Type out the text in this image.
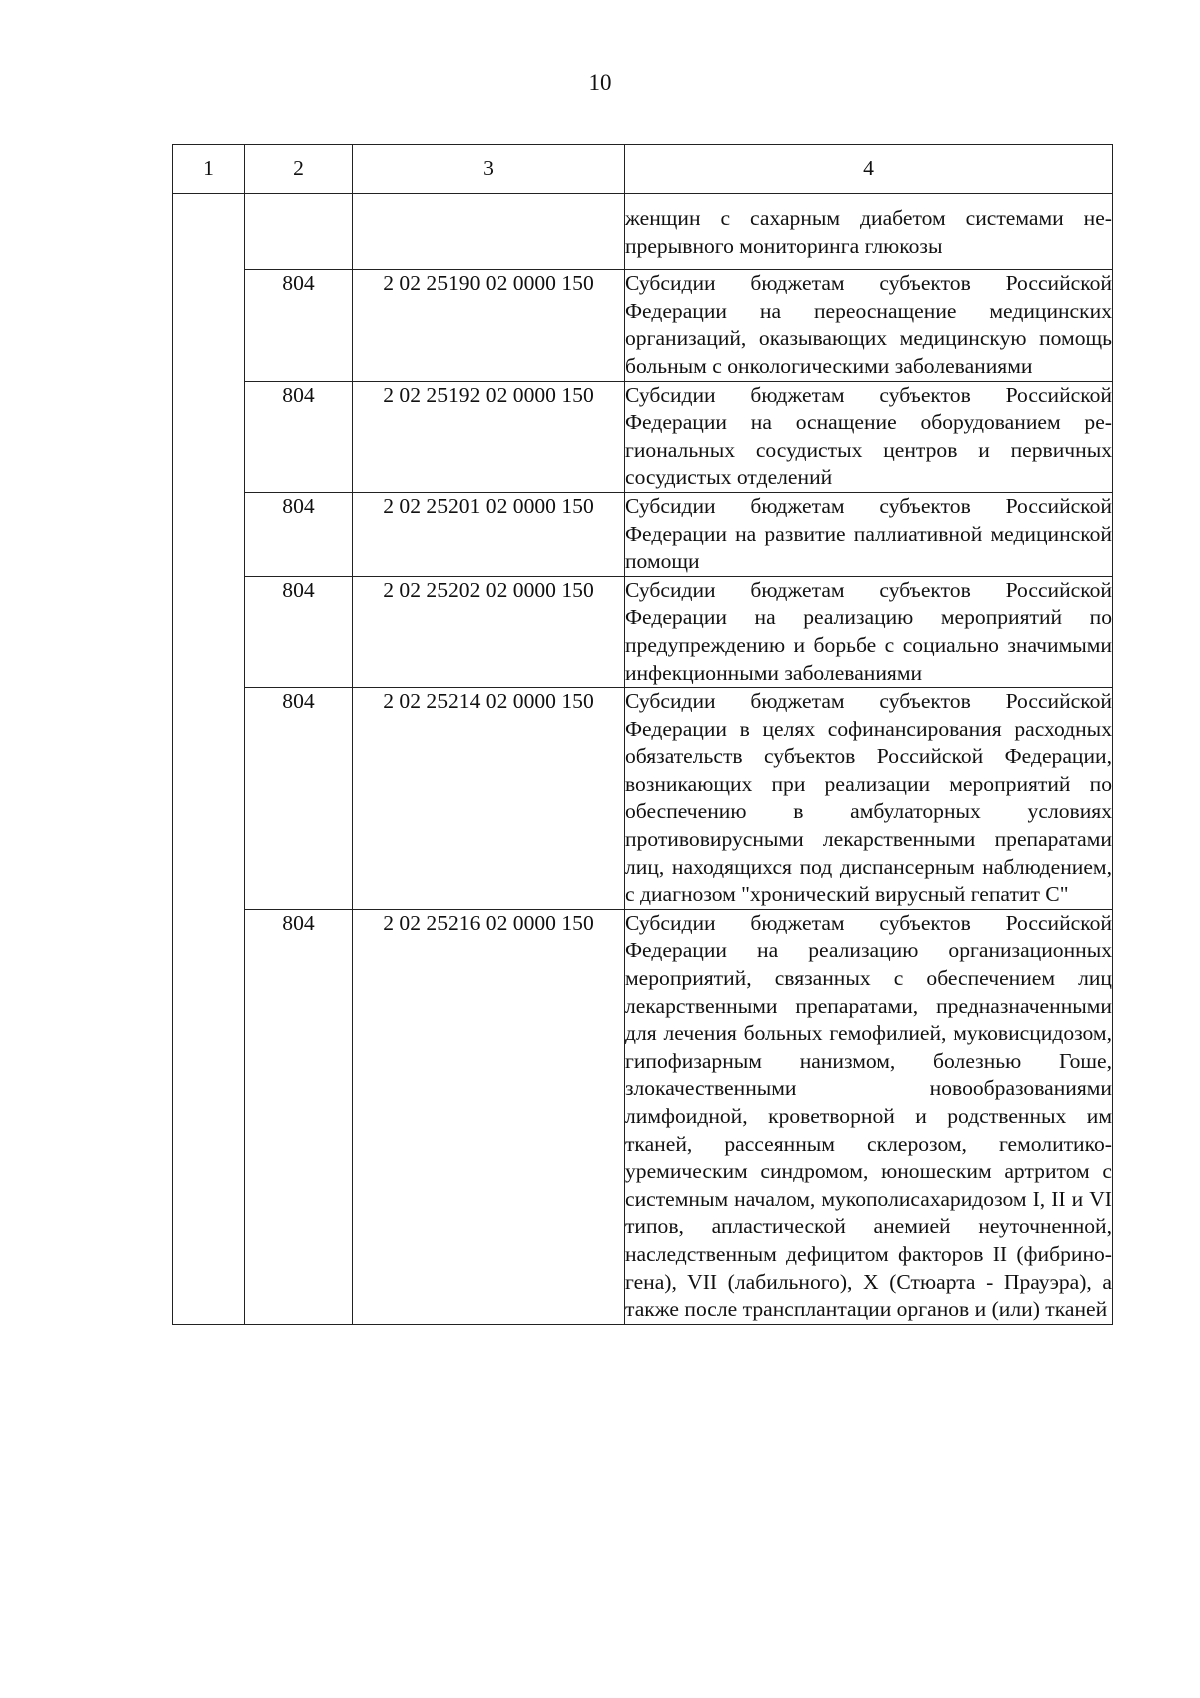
10
1	2	3	4
			женщин с сахарным диабетом системами непрерывного мониторинга глюкозы
	804	2 02 25190 02 0000 150	Субсидии бюджетам субъектов Российской Федерации на переоснащение медицинских организаций, оказывающих медицинскую помощь больным с онкологическими заболеваниями
	804	2 02 25192 02 0000 150	Субсидии бюджетам субъектов Российской Федерации на оснащение оборудованием региональных сосудистых центров и первичных сосудистых отделений
	804	2 02 25201 02 0000 150	Субсидии бюджетам субъектов Российской Федерации на развитие паллиативной медицинской помощи
	804	2 02 25202 02 0000 150	Субсидии бюджетам субъектов Российской Федерации на реализацию мероприятий по предупреждению и борьбе с социально значимыми инфекционными заболеваниями
	804	2 02 25214 02 0000 150	Субсидии бюджетам субъектов Российской Федерации в целях софинансирования расходных обязательств субъектов Российской Федерации, возникающих при реализации мероприятий по обеспечению в амбулаторных условиях противовирусными лекарственными препаратами лиц, находящихся под диспансерным наблюдением, с диагнозом "хронический вирусный гепатит С"
	804	2 02 25216 02 0000 150	Субсидии бюджетам субъектов Российской Федерации на реализацию организационных мероприятий, связанных с обеспечением лиц лекарственными препаратами, предназначенными для лечения больных гемофилией, муковисцидозом, гипофизарным нанизмом, болезнью Гоше, злокачественными новообразованиями лимфоидной, кроветворной и родственных им тканей, рассеянным склерозом, гемолитико-уремическим синдромом, юношеским артритом с системным началом, мукополисахаридозом I, II и VI типов, апластической анемией неуточненной, наследственным дефицитом факторов II (фибриногена), VII (лабильного), X (Стюарта - Прауэра), а также после трансплантации органов и (или) тканей
